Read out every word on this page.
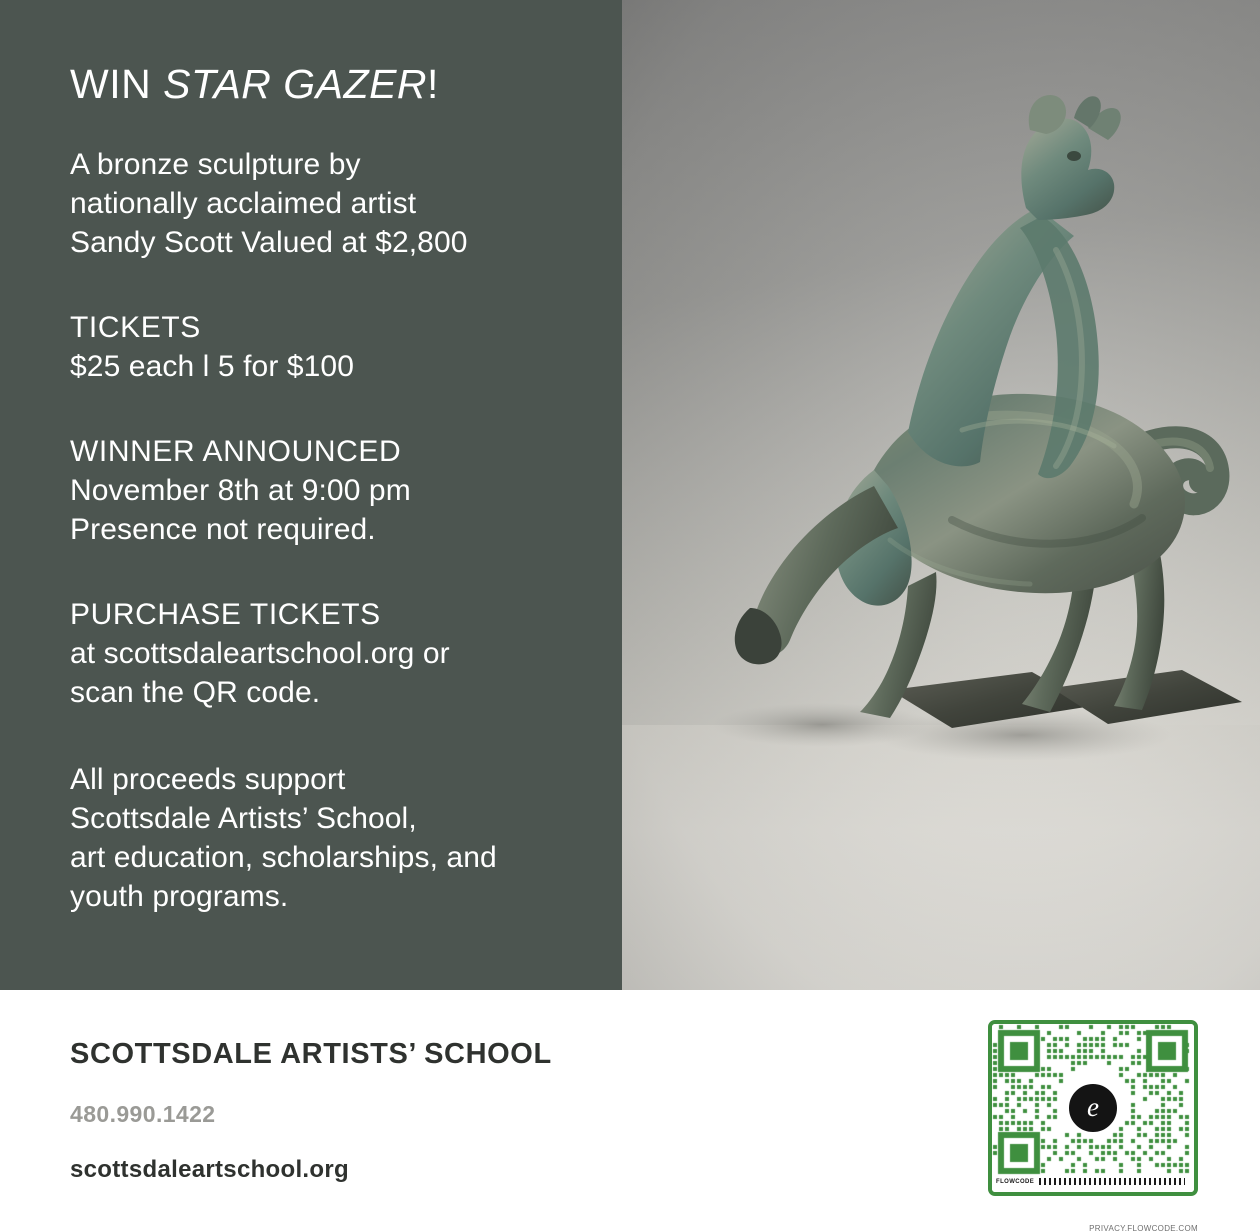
WIN STAR GAZER!
A bronze sculpture by
nationally acclaimed artist
Sandy Scott Valued at $2,800
TICKETS
$25 each l 5 for $100
WINNER ANNOUNCED
November 8th at 9:00 pm
Presence not required.
PURCHASE TICKETS
at scottsdaleartschool.org or
scan the QR code.
All proceeds support
Scottsdale Artists’ School,
art education, scholarships, and
youth programs.
SCOTTSDALE ARTISTS’ SCHOOL
480.990.1422
scottsdaleartschool.org
e
FLOWCODE
PRIVACY.FLOWCODE.COM
